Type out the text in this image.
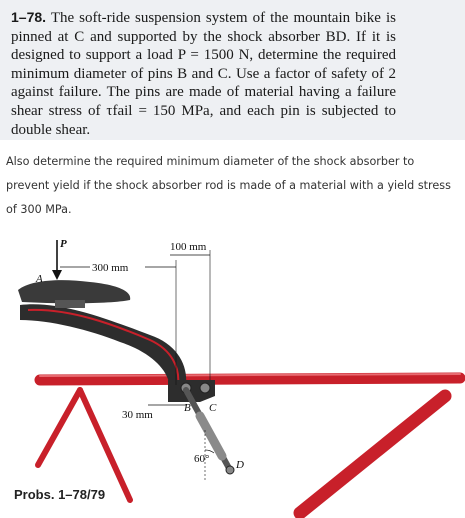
1–78. The soft-ride suspension system of the mountain bike is pinned at C and supported by the shock absorber BD. If it is designed to support a load P = 1500 N, determine the required minimum diameter of pins B and C. Use a factor of safety of 2 against failure. The pins are made of material having a failure shear stress of τfail = 150 MPa, and each pin is subjected to double shear.
Also determine the required minimum diameter of the shock absorber to prevent yield if the shock absorber rod is made of a material with a yield stress of 300 MPa.
P
A
300 mm
100 mm
30 mm
B C
D
60°
Probs. 1–78/79
